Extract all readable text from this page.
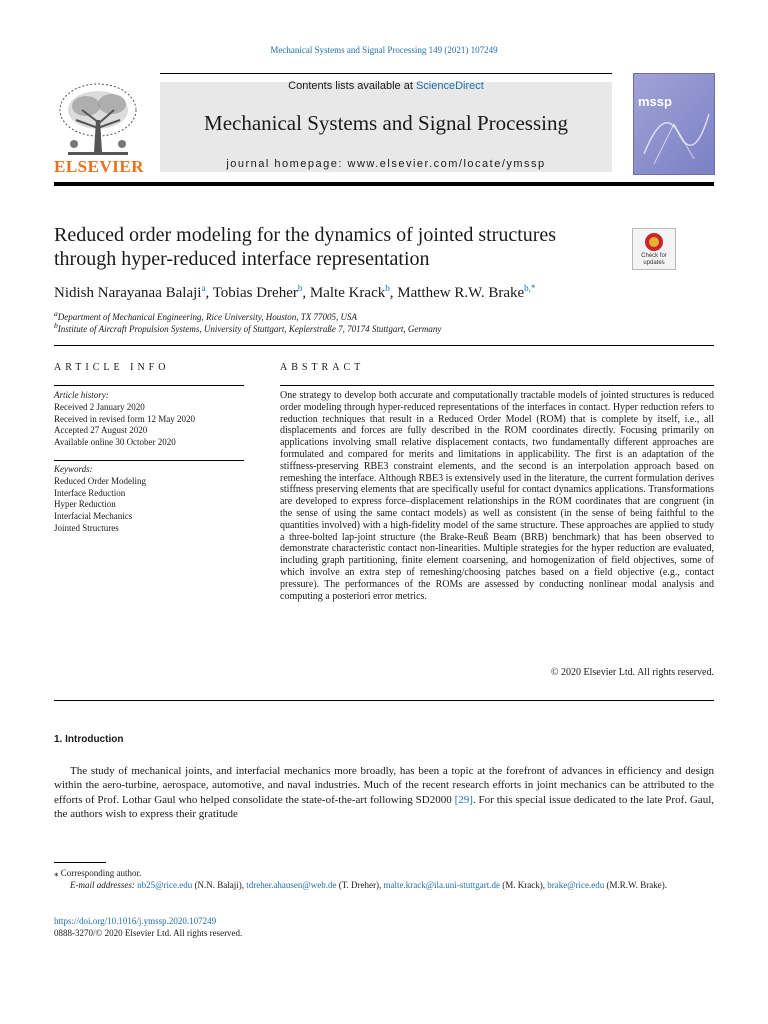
Mechanical Systems and Signal Processing 149 (2021) 107249
Contents lists available at ScienceDirect
Mechanical Systems and Signal Processing
journal homepage: www.elsevier.com/locate/ymssp
ELSEVIER
mssp
Reduced order modeling for the dynamics of jointed structures
through hyper-reduced interface representation	Check for
updates
Nidish Narayanaa Balaji$^a$, Tobias Dreher$^b$, Malte Krack$^b$, Matthew R.W. Brake$^{b,*}$
$^a$Department of Mechanical Engineering, Rice University, Houston, TX 77005, USA
$^b$Institute of Aircraft Propulsion Systems, University of Stuttgart, Keplerstraße 7, 70174 Stuttgart, Germany
ARTICLE INFO	ABSTRACT
Article history:
Received 2 January 2020
Received in revised form 12 May 2020
Accepted 27 August 2020
Available online 30 October 2020
Keywords:
Reduced Order Modeling
Interface Reduction
Hyper Reduction
Interfacial Mechanics
Jointed Structures
One strategy to develop both accurate and computationally tractable models of jointed structures is reduced order modeling through hyper-reduced representations of the interfaces in contact. Hyper reduction refers to reduction techniques that result in a Reduced Order Model (ROM) that is complete by itself, i.e., all displacements and forces are fully described in the ROM coordinates directly. Focusing primarily on applications involving small relative displacement contacts, two fundamentally different approaches are formulated and compared for merits and limitations in applicability. The first is an adaptation of the stiffness-preserving RBE3 constraint elements, and the second is an interpolation approach based on remeshing the interface. Although RBE3 is extensively used in the literature, the current formulation derives stiffness preserving elements that are specifically useful for contact dynamics applications. Transformations are developed to express force–displacement relationships in the ROM coordinates that are congruent (in the sense of using the same contact models) as well as consistent (in the sense of being faithful to the quantities involved) with a high-fidelity model of the same structure. These approaches are applied to study a three-bolted lap-joint structure (the Brake-Reuß Beam (BRB) benchmark) that has been observed to demonstrate characteristic contact non-linearities. Multiple strategies for the hyper reduction are evaluated, including graph partitioning, finite element coarsening, and homogenization of field objectives, some of which involve an extra step of remeshing/choosing patches based on a field objective (e.g., contact pressure). The performances of the ROMs are assessed by conducting nonlinear modal analysis and computing a posteriori error metrics.
© 2020 Elsevier Ltd. All rights reserved.
1. Introduction
The study of mechanical joints, and interfacial mechanics more broadly, has been a topic at the forefront of advances in efficiency and design within the aero-turbine, aerospace, automotive, and naval industries. Much of the recent research efforts in joint mechanics can be attributed to the efforts of Prof. Lothar Gaul who helped consolidate the state-of-the-art following SD2000 [29]. For this special issue dedicated to the late Prof. Gaul, the authors wish to express their gratitude
⁎ Corresponding author.
E-mail addresses: nb25@rice.edu (N.N. Balaji), tdreher.ahausen@web.de (T. Dreher), malte.krack@ila.uni-stuttgart.de (M. Krack), brake@rice.edu (M.R.W. Brake).
https://doi.org/10.1016/j.ymssp.2020.107249
0888-3270/© 2020 Elsevier Ltd. All rights reserved.
